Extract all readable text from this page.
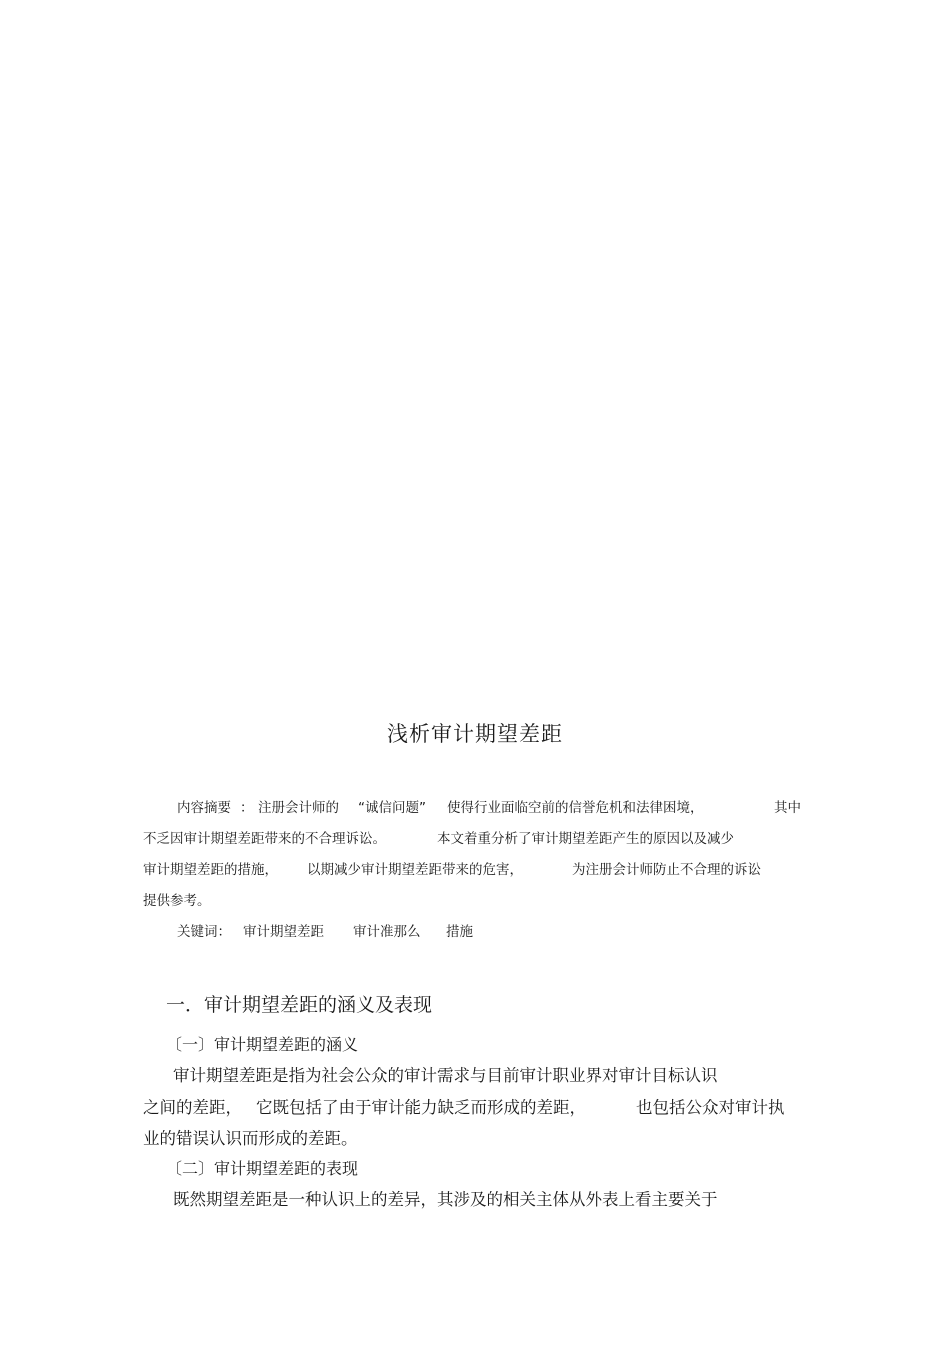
浅析审计期望差距
内容摘要 ： 注册会计师的 “诚信问题” 使得行业面临空前的信誉危机和法律困境，	其中
不乏因审计期望差距带来的不合理诉讼。	本文着重分析了审计期望差距产生的原因以及减少
审计期望差距的措施， 以期减少审计期望差距带来的危害，	为注册会计师防止不合理的诉讼
提供参考。
关键词： 审计期望差距 审计准那么 措施
一．审计期望差距的涵义及表现
〔一〕审计期望差距的涵义
审计期望差距是指为社会公众的审计需求与目前审计职业界对审计目标认识
之间的差距， 它既包括了由于审计能力缺乏而形成的差距，	也包括公众对审计执
业的错误认识而形成的差距。
〔二〕审计期望差距的表现
既然期望差距是一种认识上的差异，其涉及的相关主体从外表上看主要关于
